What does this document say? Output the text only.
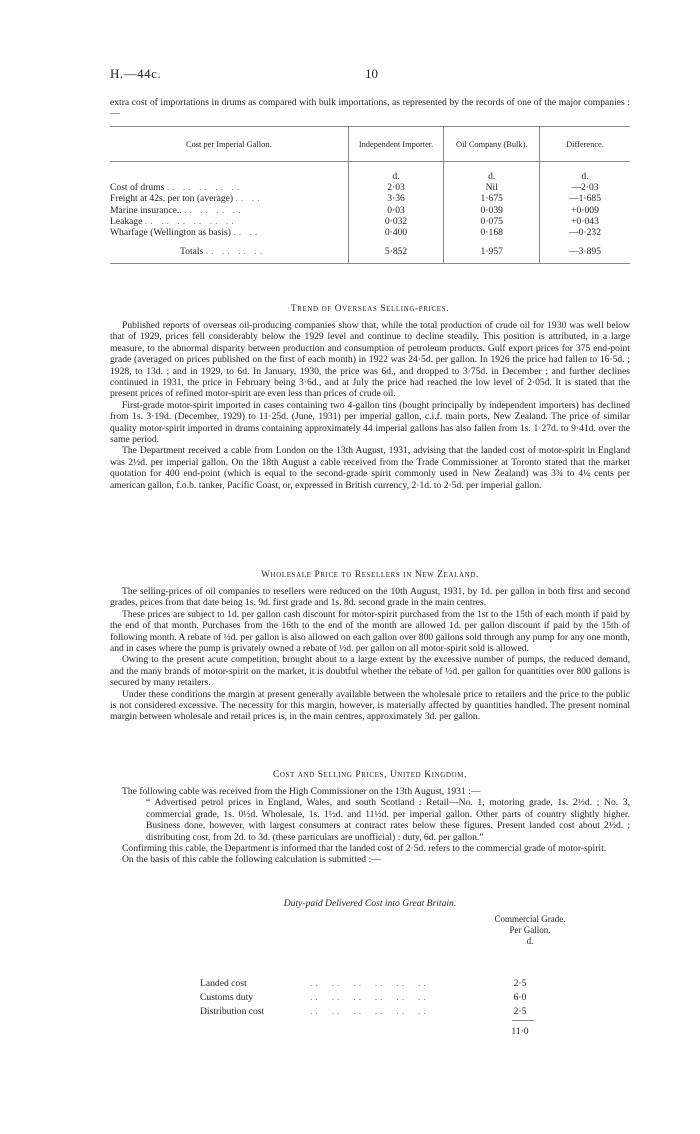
H.—44c.	10
extra cost of importations in drums as compared with bulk importations, as represented by the records of one of the major companies :—
Cost per Imperial Gallon.	Independent Importer.	Oil Company (Bulk).	Difference.
	d.	d.	d.
Cost of drums .. .. .. .. ..	2·03	Nil	—2·03
Freight at 42s. per ton (average) .. ..	3·36	1·675	—1·685
Marine insurance.. .. .. .. ..	0·03	0·039	+0·009
Leakage .. .. .. .. .. ..	0·032	0·075	+0·043
Wharfage (Wellington as basis) .. ..	0·400	0·168	—0·232
Totals .. .. .. ..	5·852	1·957	—3·895
Trend of Overseas Selling-prices.

Published reports of overseas oil-producing companies show that, while the total production of crude oil for 1930 was well below that of 1929, prices fell considerably below the 1929 level and continue to decline steadily. This position is attributed, in a large measure, to the abnormal disparity between production and consumption of petroleum products. Gulf export prices for 375 end-point grade (averaged on prices published on the first of each month) in 1922 was 24·5d. per gallon. In 1926 the price had fallen to 16·5d. ; 1928, to 13d. ; and in 1929, to 6d. In January, 1930, the price was 6d., and dropped to 3·75d. in December ; and further declines continued in 1931, the price in February being 3·6d., and at July the price had reached the low level of 2·05d. It is stated that the present prices of refined motor-spirit are even less than prices of crude oil.

First-grade motor-spirit imported in cases containing two 4-gallon tins (bought principally by independent importers) has declined from 1s. 3·19d. (December, 1929) to 11·25d. (June, 1931) per imperial gallon, c.i.f. main ports, New Zealand. The price of similar quality motor-spirit imported in drums containing approximately 44 imperial gallons has also fallen from 1s. 1·27d. to 9·41d. over the same period.

The Department received a cable from London on the 13th August, 1931, advising that the landed cost of motor-spirit in England was 2½d. per imperial gallon. On the 18th August a cable received from the Trade Commissioner at Toronto stated that the market quotation for 400 end-point (which is equal to the second-grade spirit commonly used in New Zealand) was 3¾ to 4¼ cents per american gallon, f.o.b. tanker, Pacific Coast, or, expressed in British currency, 2·1d. to 2·5d. per imperial gallon.

Wholesale Price to Resellers in New Zealand.

The selling-prices of oil companies to resellers were reduced on the 10th August, 1931, by 1d. per gallon in both first and second grades, prices from that date being 1s. 9d. first grade and 1s. 8d. second grade in the main centres.

These prices are subject to 1d. per gallon cash discount for motor-spirit purchased from the 1st to the 15th of each month if paid by the end of that month. Purchases from the 16th to the end of the month are allowed 1d. per gallon discount if paid by the 15th of following month. A rebate of ½d. per gallon is also allowed on each gallon over 800 gallons sold through any pump for any one month, and in cases where the pump is privately owned a rebate of ½d. per gallon on all motor-spirit sold is allowed.

Owing to the present acute competition, brought about to a large extent by the excessive number of pumps, the reduced demand, and the many brands of motor-spirit on the market, it is doubtful whether the rebate of ½d. per gallon for quantities over 800 gallons is secured by many retailers.

Under these conditions the margin at present generally available between the wholesale price to retailers and the price to the public is not considered excessive. The necessity for this margin, however, is materially affected by quantities handled. The present nominal margin between wholesale and retail prices is, in the main centres, approximately 3d. per gallon.

Cost and Selling Prices, United Kingdom.

The following cable was received from the High Commissioner on the 13th August, 1931 :—

“ Advertised petrol prices in England, Wales, and south Scotland : Retail—No. 1, motoring grade, 1s. 2½d. ; No. 3, commercial grade, 1s. 0½d. Wholesale, 1s. 1½d. and 11½d. per imperial gallon. Other parts of country slightly higher. Business done, however, with largest consumers at contract rates below these figures. Present landed cost about 2½d. ; distributing cost, from 2d. to 3d. (these particulars are unofficial) : duty, 6d. per gallon.”

Confirming this cable, the Department is informed that the landed cost of 2·5d. refers to the commercial grade of motor-spirit.

On the basis of this cable the following calculation is submitted :—

Duty-paid Delivered Cost into Great Britain.
Commercial Grade.
Per Gallon.
d.
Landed cost	..  ..  ..  ..  ..  ..	2·5
Customs duty	..  ..  ..  ..  ..  ..	6·0
Distribution cost	..  ..  ..  ..  ..  ..	2·5
11·0
